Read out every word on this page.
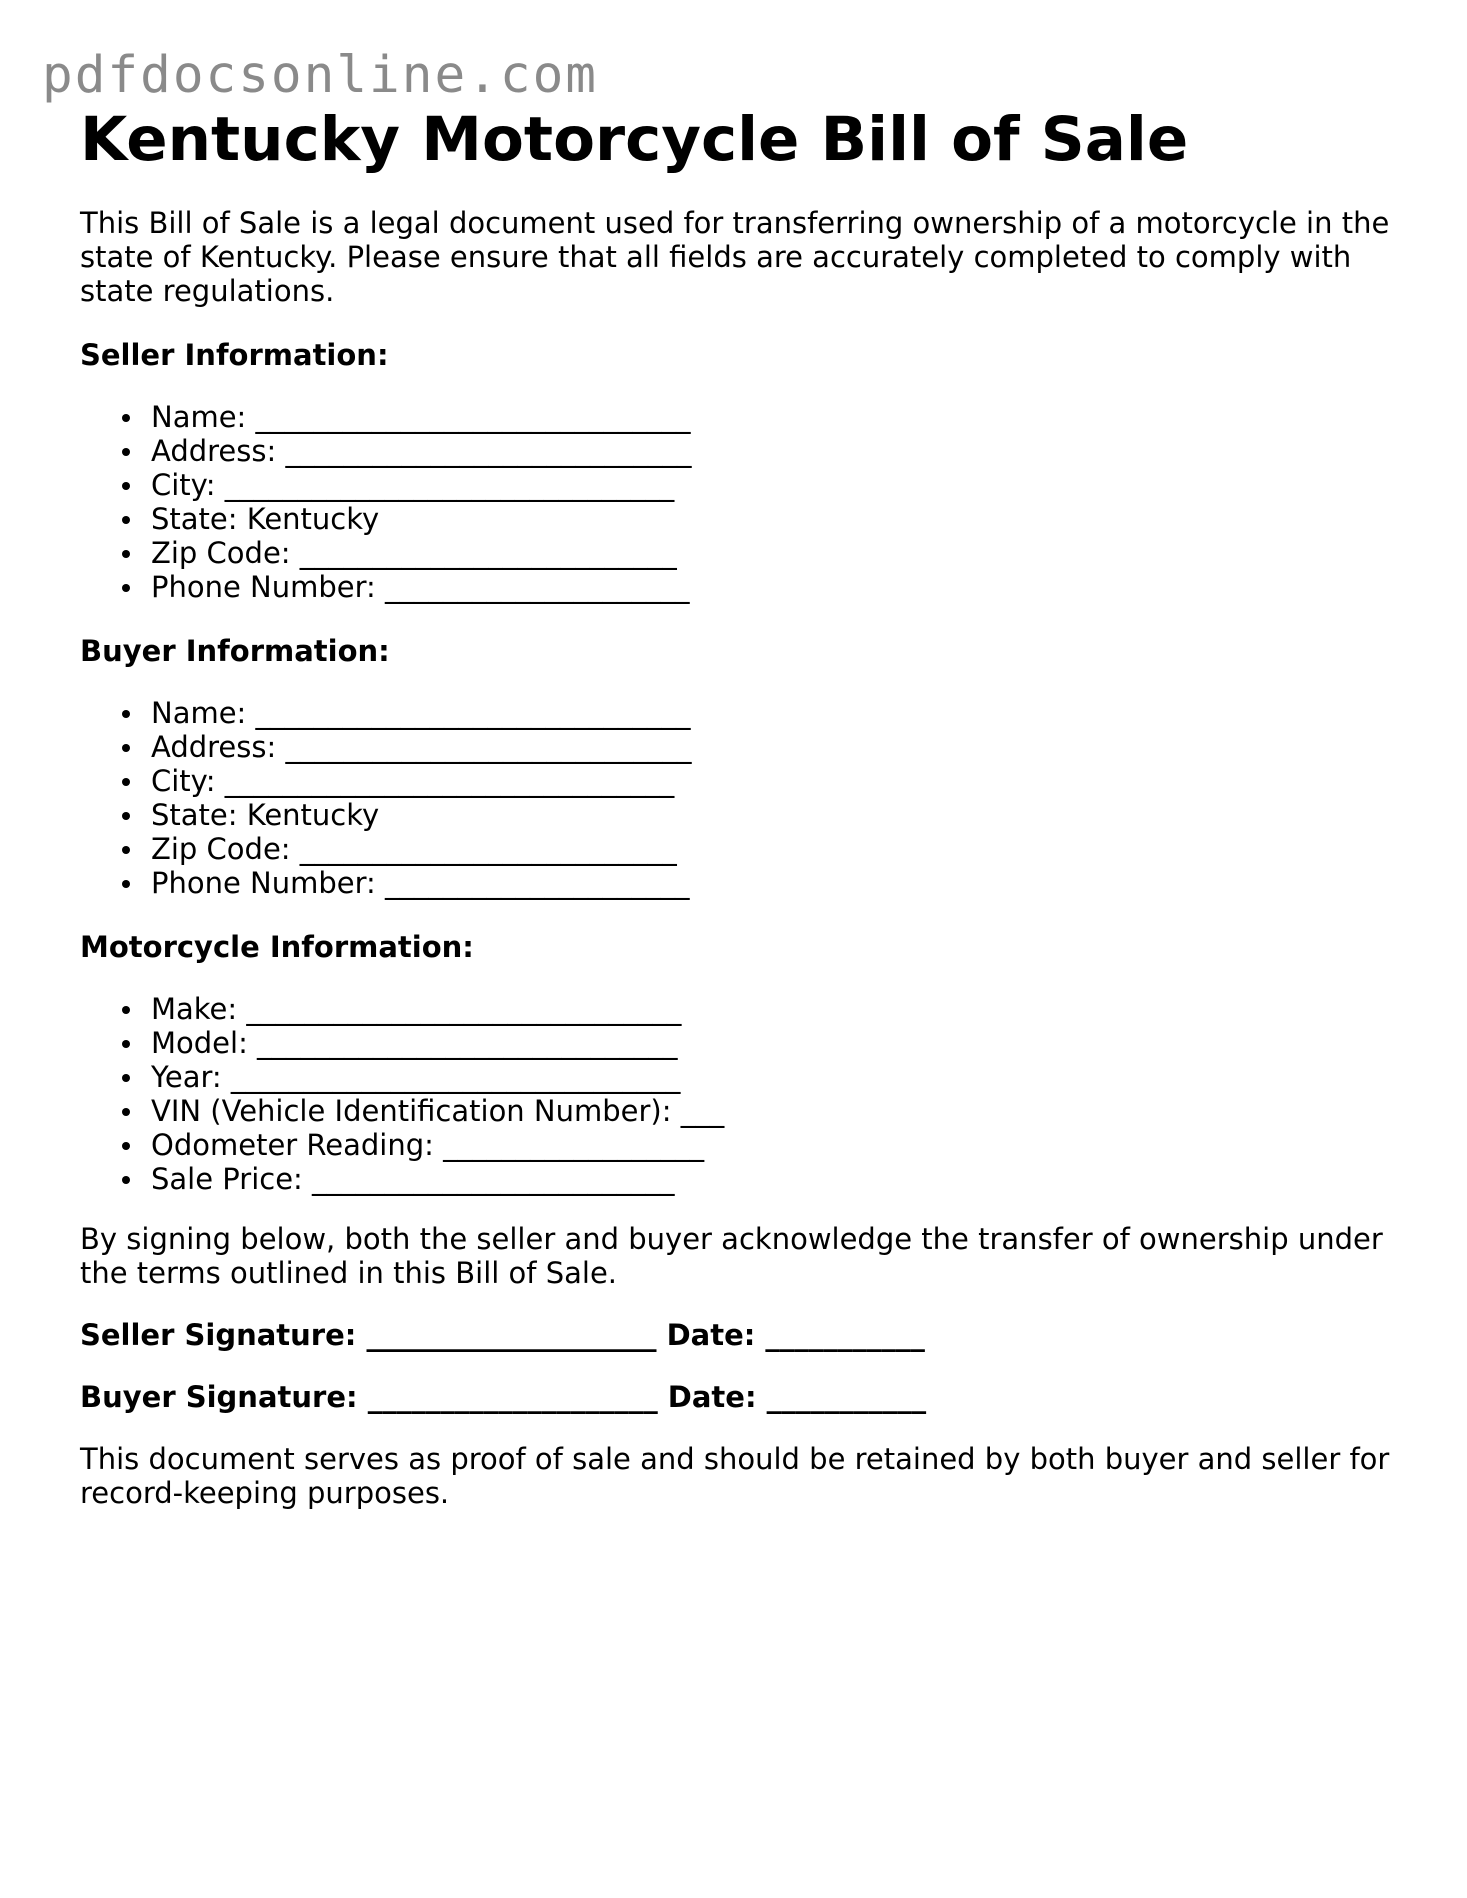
pdfdocsonline.com
Kentucky Motorcycle Bill of Sale

This Bill of Sale is a legal document used for transferring ownership of a motorcycle in the state of Kentucky. Please ensure that all fields are accurately completed to comply with state regulations.

Seller Information:
Name: ______________________________
Address: ____________________________
City: _______________________________
State: Kentucky
Zip Code: __________________________
Phone Number: _____________________
Buyer Information:
Name: ______________________________
Address: ____________________________
City: _______________________________
State: Kentucky
Zip Code: __________________________
Phone Number: _____________________
Motorcycle Information:
Make: ______________________________
Model: _____________________________
Year: _______________________________
VIN (Vehicle Identification Number): ___
Odometer Reading: __________________
Sale Price: _________________________

By signing below, both the seller and buyer acknowledge the transfer of ownership under the terms outlined in this Bill of Sale.

Seller Signature: ____________________ Date: ___________
Buyer Signature: ____________________ Date: ___________

This document serves as proof of sale and should be retained by both buyer and seller for record-keeping purposes.
